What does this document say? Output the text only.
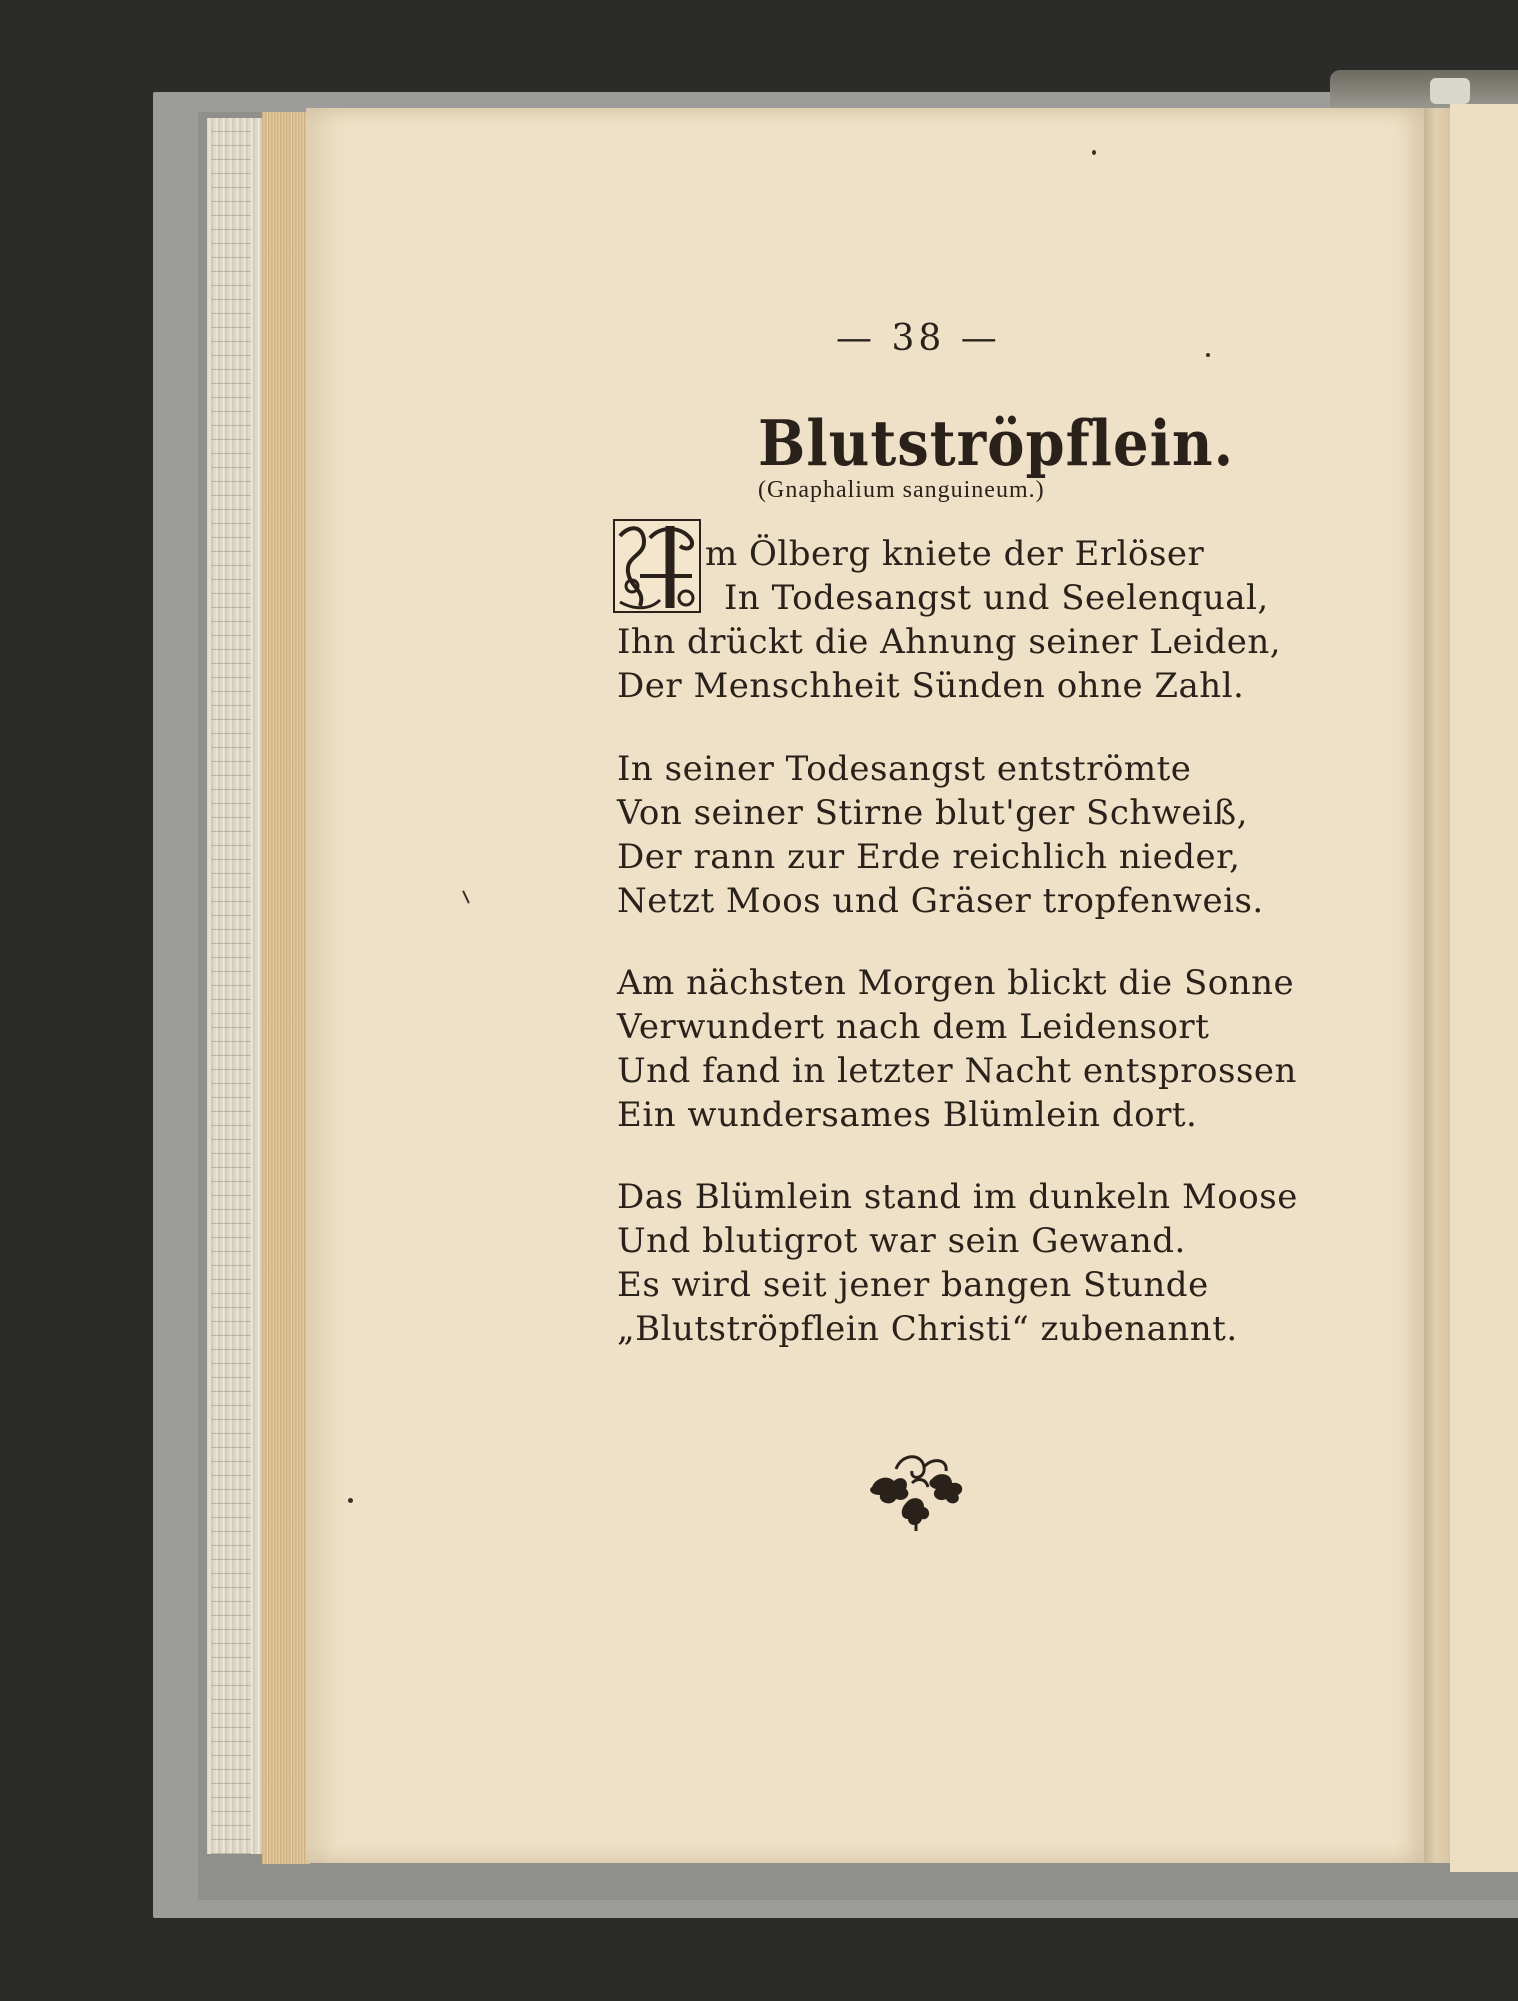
— 38 —
Blutströpflein.
(Gnaphalium sanguineum.)
m Ölberg kniete der Erlöser
In Todesangst und Seelenqual,
Ihn drückt die Ahnung seiner Leiden,
Der Menschheit Sünden ohne Zahl.
In seiner Todesangst entströmte
Von seiner Stirne blut'ger Schweiß,
Der rann zur Erde reichlich nieder,
Netzt Moos und Gräser tropfenweis.
Am nächsten Morgen blickt die Sonne
Verwundert nach dem Leidensort
Und fand in letzter Nacht entsprossen
Ein wundersames Blümlein dort.
Das Blümlein stand im dunkeln Moose
Und blutigrot war sein Gewand.
Es wird seit jener bangen Stunde
„Blutströpflein Christi“ zubenannt.
